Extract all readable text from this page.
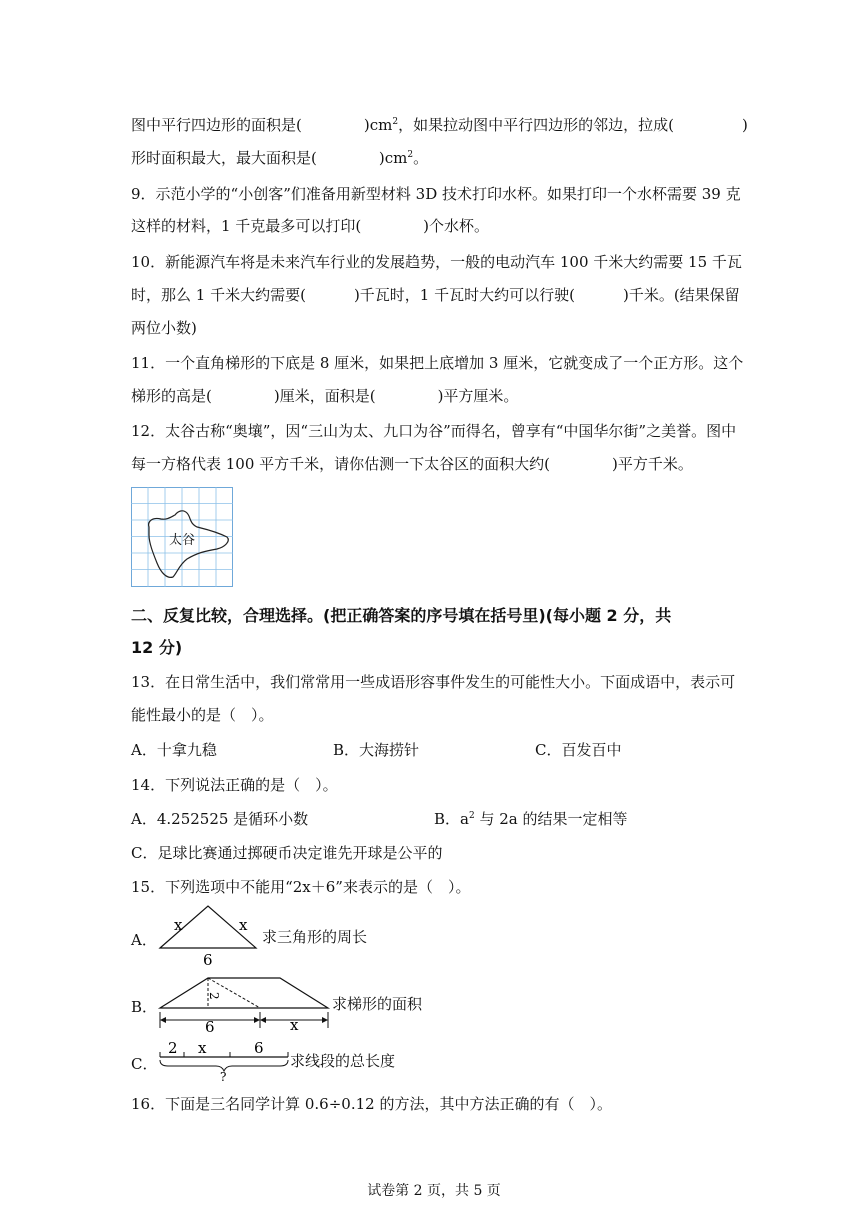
图中平行四边形的面积是(	)$cm^2$，如果拉动图中平行四边形的邻边，拉成(	)
形时面积最大，最大面积是(	)$cm^2$。
9．示范小学的“小创客”们准备用新型材料 3D 技术打印水杯。如果打印一个水杯需要 39 克
这样的材料，1 千克最多可以打印(	)个水杯。
10．新能源汽车将是未来汽车行业的发展趋势，一般的电动汽车 100 千米大约需要 15 千瓦
时，那么 1 千米大约需要(	)千瓦时，1 千瓦时大约可以行驶(	)千米。(结果保留
两位小数)
11．一个直角梯形的下底是 8 厘米，如果把上底增加 3 厘米，它就变成了一个正方形。这个
梯形的高是(	)厘米，面积是(	)平方厘米。
12．太谷古称“奥壤”，因“三山为太、九口为谷”而得名，曾享有“中国华尔街”之美誉。图中
每一方格代表 100 平方千米，请你估测一下太谷区的面积大约(	)平方千米。
太谷
二、反复比较，合理选择。(把正确答案的序号填在括号里)(每小题 2 分，共
12 分)
13．在日常生活中，我们常常用一些成语形容事件发生的可能性大小。下面成语中，表示可
能性最小的是（　）。
A．十拿九稳	B．大海捞针	C．百发百中
14．下列说法正确的是（　）。
A．4.252525 是循环小数	B．$a^2$ 与 2a 的结果一定相等
C．足球比赛通过掷硬币决定谁先开球是公平的
15．下列选项中不能用“2x＋6”来表示的是（　）。
A．
x	x
6
求三角形的周长
B．
2
6	x
求梯形的面积
C．
2 x	6
?
求线段的总长度
16．下面是三名同学计算 0.6÷0.12 的方法，其中方法正确的有（　）。
试卷第 2 页，共 5 页
